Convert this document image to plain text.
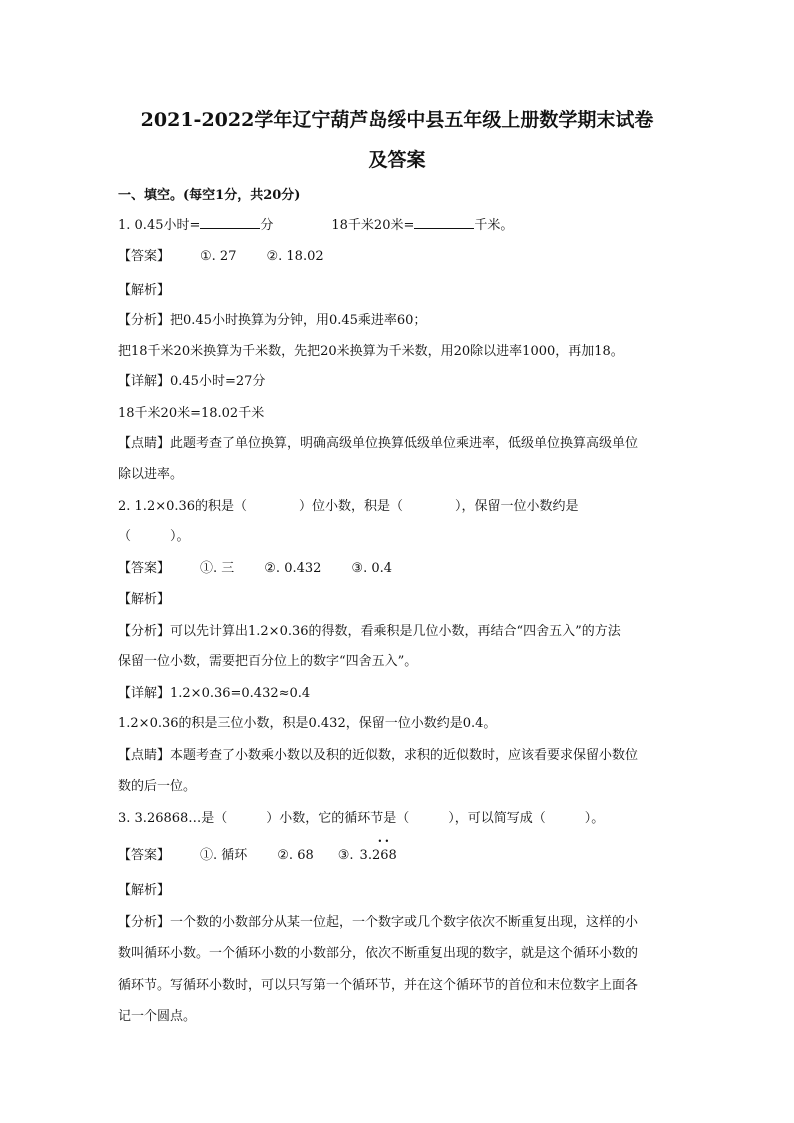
2021-2022学年辽宁葫芦岛绥中县五年级上册数学期末试卷
及答案
一、填空。(每空1分，共20分)
1. 0.45小时=	分	18千米20米=	千米。
【答案】 ①. 27 ②. 18.02
【解析】
【分析】把0.45小时换算为分钟，用0.45乘进率60；
把18千米20米换算为千米数，先把20米换算为千米数，用20除以进率1000，再加18。
【详解】0.45小时=27分
18千米20米=18.02千米
【点睛】此题考查了单位换算，明确高级单位换算低级单位乘进率，低级单位换算高级单位
除以进率。
2. 1.2×0.36的积是（　　　　）位小数，积是（　　　　），保留一位小数约是
（　　　）。
【答案】 ①. 三 ②. 0.432 ③. 0.4
【解析】
【分析】可以先计算出1.2×0.36的得数，看乘积是几位小数，再结合“四舍五入”的方法
保留一位小数，需要把百分位上的数字“四舍五入”。
【详解】1.2×0.36=0.432≈0.4
1.2×0.36的积是三位小数，积是0.432，保留一位小数约是0.4。
【点睛】本题考查了小数乘小数以及积的近似数，求积的近似数时，应该看要求保留小数位
数的后一位。
3. 3.26868…是（　　　）小数，它的循环节是（　　　），可以简写成（　　　）。
【答案】 ①. 循环 ②. 68 ③. 3.268
• •
【解析】
【分析】一个数的小数部分从某一位起，一个数字或几个数字依次不断重复出现，这样的小
数叫循环小数。一个循环小数的小数部分，依次不断重复出现的数字，就是这个循环小数的
循环节。写循环小数时，可以只写第一个循环节，并在这个循环节的首位和末位数字上面各
记一个圆点。
